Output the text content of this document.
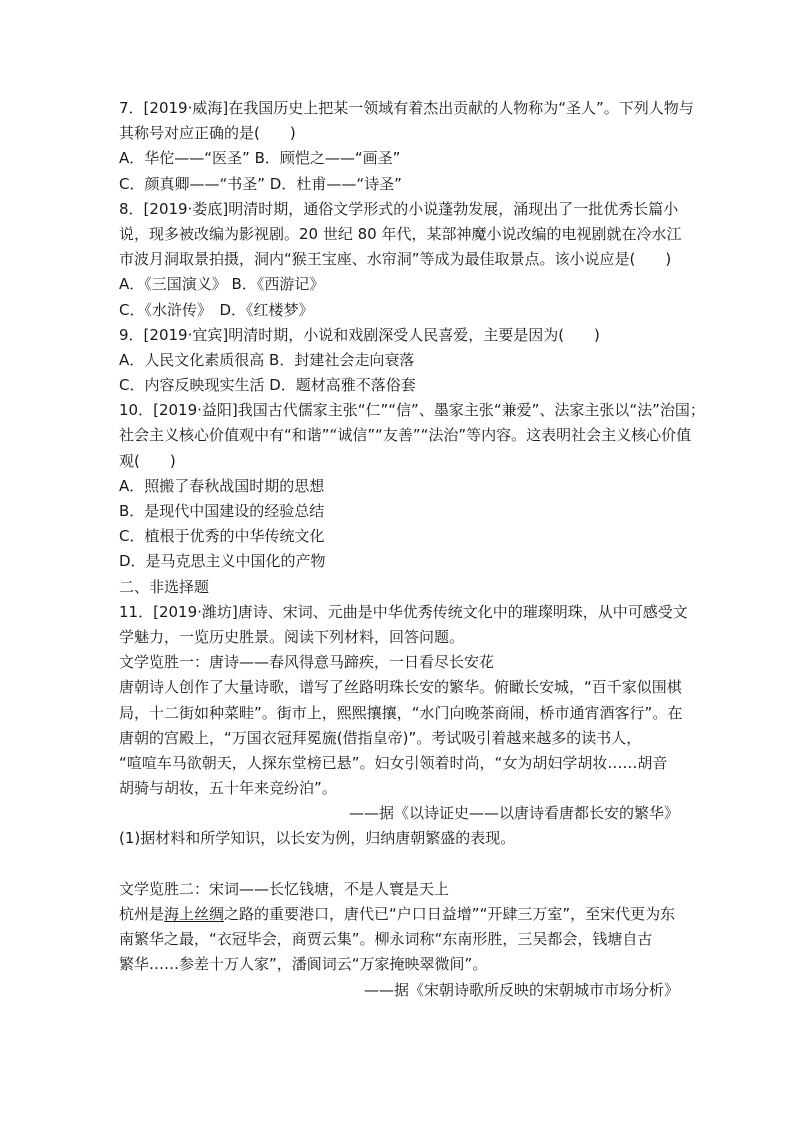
7．[2019·威海]在我国历史上把某一领域有着杰出贡献的人物称为“圣人”。下列人物与
其称号对应正确的是(　　)
A．华佗——“医圣” B．顾恺之——“画圣”
C．颜真卿——“书圣” D．杜甫——“诗圣”
8．[2019·娄底]明清时期，通俗文学形式的小说蓬勃发展，涌现出了一批优秀长篇小
说，现多被改编为影视剧。20 世纪 80 年代，某部神魔小说改编的电视剧就在冷水江
市波月洞取景拍摄，洞内“猴王宝座、水帘洞”等成为最佳取景点。该小说应是(　　)
A．《三国演义》 B．《西游记》
C．《水浒传》　D．《红楼梦》
9．[2019·宜宾]明清时期，小说和戏剧深受人民喜爱，主要是因为(　　)
A．人民文化素质很高 B．封建社会走向衰落
C．内容反映现实生活 D．题材高雅不落俗套
10．[2019·益阳]我国古代儒家主张“仁”“信”、墨家主张“兼爱”、法家主张以“法”治国；
社会主义核心价值观中有“和谐”“诚信”“友善”“法治”等内容。这表明社会主义核心价值
观(　　)
A．照搬了春秋战国时期的思想
B．是现代中国建设的经验总结
C．植根于优秀的中华传统文化
D．是马克思主义中国化的产物
二、非选择题
11．[2019·潍坊]唐诗、宋词、元曲是中华优秀传统文化中的璀璨明珠，从中可感受文
学魅力，一览历史胜景。阅读下列材料，回答问题。
文学览胜一：唐诗——春风得意马蹄疾，一日看尽长安花
唐朝诗人创作了大量诗歌，谱写了丝路明珠长安的繁华。俯瞰长安城，“百千家似围棋
局，十二街如种菜畦”。街市上，熙熙攘攘，“水门向晚茶商闹，桥市通宵酒客行”。在
唐朝的宫殿上，“万国衣冠拜冕旒(借指皇帝)”。考试吸引着越来越多的读书人，
“喧喧车马欲朝天，人探东堂榜已悬”。妇女引领着时尚，“女为胡妇学胡妆……胡音
胡骑与胡妆，五十年来竞纷泊”。
——据《以诗证史——以唐诗看唐都长安的繁华》
(1)据材料和所学知识，以长安为例，归纳唐朝繁盛的表现。
文学览胜二：宋词——长忆钱塘，不是人寰是天上
杭州是海上丝绸之路的重要港口，唐代已“户口日益增”“开肆三万室”，至宋代更为东
南繁华之最，“衣冠毕会，商贾云集”。柳永词称“东南形胜，三吴都会，钱塘自古
繁华……参差十万人家”，潘阆词云“万家掩映翠微间”。
——据《宋朝诗歌所反映的宋朝城市市场分析》
